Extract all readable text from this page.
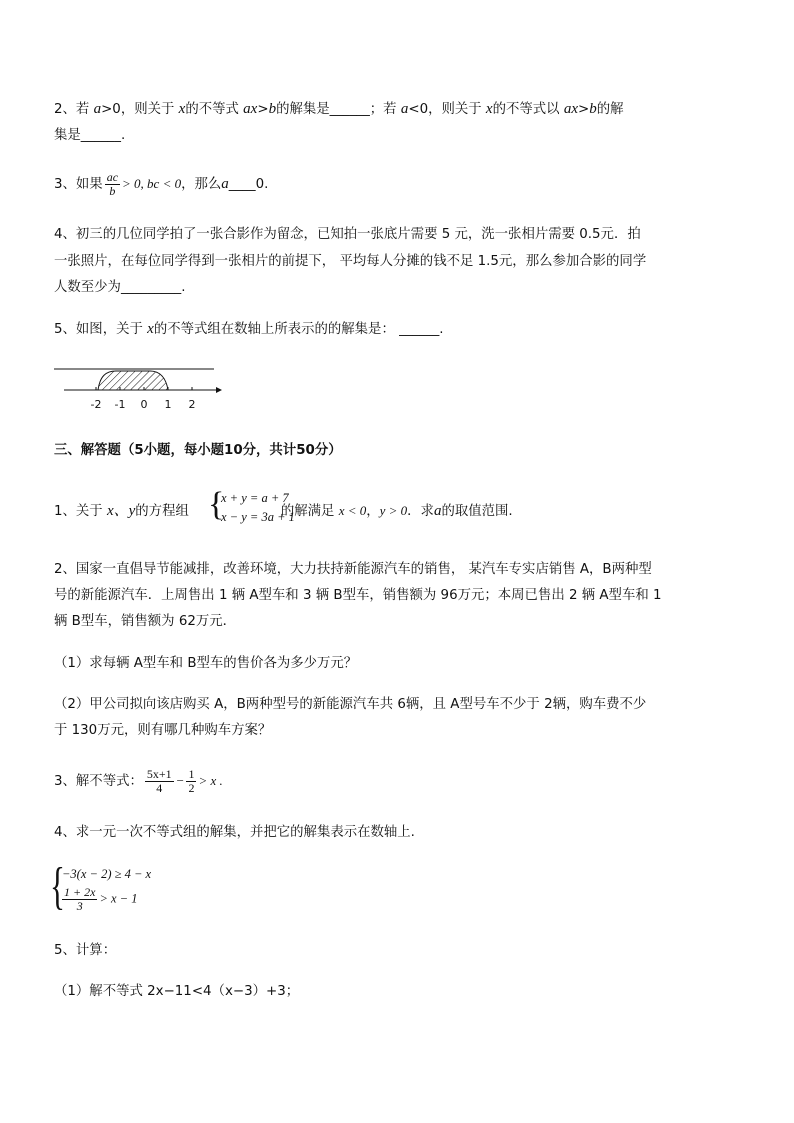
2、若 a>0，则关于 x的不等式 ax>b的解集是______；若 a<0，则关于 x的不等式以 ax>b的解
集是______.
3、如果 $\frac{ac}{b} > 0$, bc < 0，那么a____0.
4、初三的几位同学拍了一张合影作为留念，已知拍一张底片需要 5 元，洗一张相片需要 0.5元．拍
一张照片，在每位同学得到一张相片的前提下， 平均每人分摊的钱不足 1.5元，那么参加合影的同学
人数至少为_________.
5、如图，关于 x的不等式组在数轴上所表示的的解集是： ______.
-2 -1 0 1 2
三、解答题（5小题，每小题10分，共计50分）
1、关于 x、y的方程组	的解满足 x < 0，y > 0．求a的取值范围.
{
x + y = a + 7
x − y = 3a + 1
2、国家一直倡导节能减排，改善环境，大力扶持新能源汽车的销售， 某汽车专实店销售 A，B两种型
号的新能源汽车．上周售出 1 辆 A型车和 3 辆 B型车，销售额为 96万元；本周已售出 2 辆 A型车和 1
辆 B型车，销售额为 62万元．
（1）求每辆 A型车和 B型车的售价各为多少万元？
（2）甲公司拟向该店购买 A，B两种型号的新能源汽车共 6辆，且 A型号车不少于 2辆，购车费不少
于 130万元，则有哪几种购车方案？
3、解不等式： $\frac{5x+1}{4} - \frac{1}{2} > x$ .
4、求一元一次不等式组的解集，并把它的解集表示在数轴上.
{
−3(x − 2) ≥ 4 − x
$\frac{1 + 2x}{3} > x - 1$
5、计算：
（1）解不等式 2x−11<4（x−3）+3；
